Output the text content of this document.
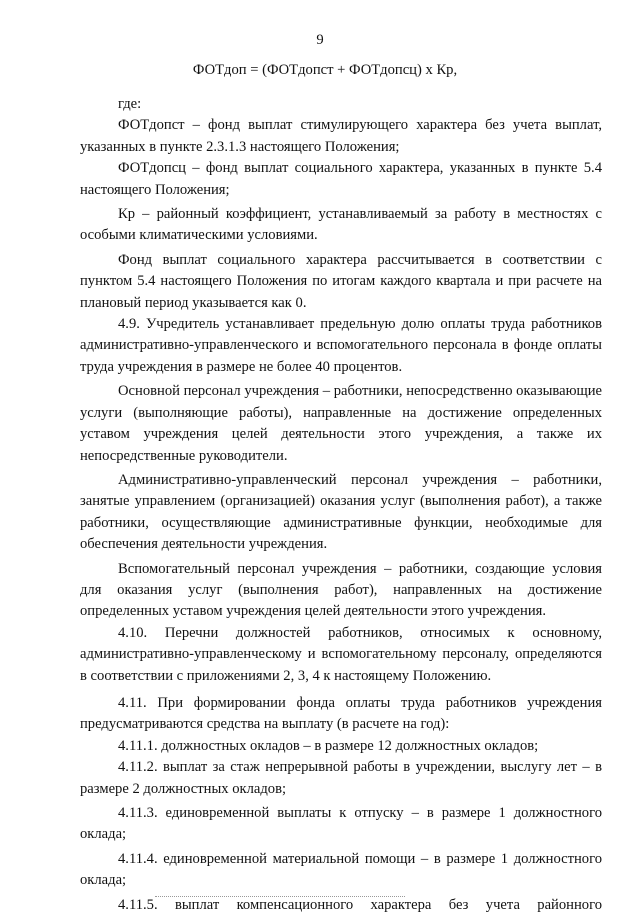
9
ФОТдоп = (ФОТдопст + ФОТдопсц) х Кр,

где:

ФОТдопст – фонд выплат стимулирующего характера без учета выплат, указанных в пункте 2.3.1.3 настоящего Положения;

ФОТдопсц – фонд выплат социального характера, указанных в пункте 5.4 настоящего Положения;

Кр – районный коэффициент, устанавливаемый за работу в местностях с особыми климатическими условиями.

Фонд выплат социального характера рассчитывается в соответствии с пунктом 5.4 настоящего Положения по итогам каждого квартала и при расчете на плановый период указывается как 0.

4.9. Учредитель устанавливает предельную долю оплаты труда работников административно-управленческого и вспомогательного персонала в фонде оплаты труда учреждения в размере не более 40 процентов.

Основной персонал учреждения – работники, непосредственно оказывающие услуги (выполняющие работы), направленные на достижение определенных уставом учреждения целей деятельности этого учреждения, а также их непосредственные руководители.

Административно-управленческий персонал учреждения – работники, занятые управлением (организацией) оказания услуг (выполнения работ), а также работники, осуществляющие административные функции, необходимые для обеспечения деятельности учреждения.

Вспомогательный персонал учреждения – работники, создающие условия для оказания услуг (выполнения работ), направленных на достижение определенных уставом учреждения целей деятельности этого учреждения.

4.10. Перечни должностей работников, относимых к основному, административно-управленческому и вспомогательному персоналу, определяются в соответствии с приложениями 2, 3, 4 к настоящему Положению.

4.11. При формировании фонда оплаты труда работников учреждения предусматриваются средства на выплату (в расчете на год):

4.11.1. должностных окладов – в размере 12 должностных окладов;

4.11.2. выплат за стаж непрерывной работы в учреждении, выслугу лет – в размере 2 должностных окладов;

4.11.3. единовременной выплаты к отпуску – в размере 1 должностного оклада;

4.11.4. единовременной материальной помощи – в размере 1 должностного оклада;

4.11.5. выплат компенсационного характера без учета районного
